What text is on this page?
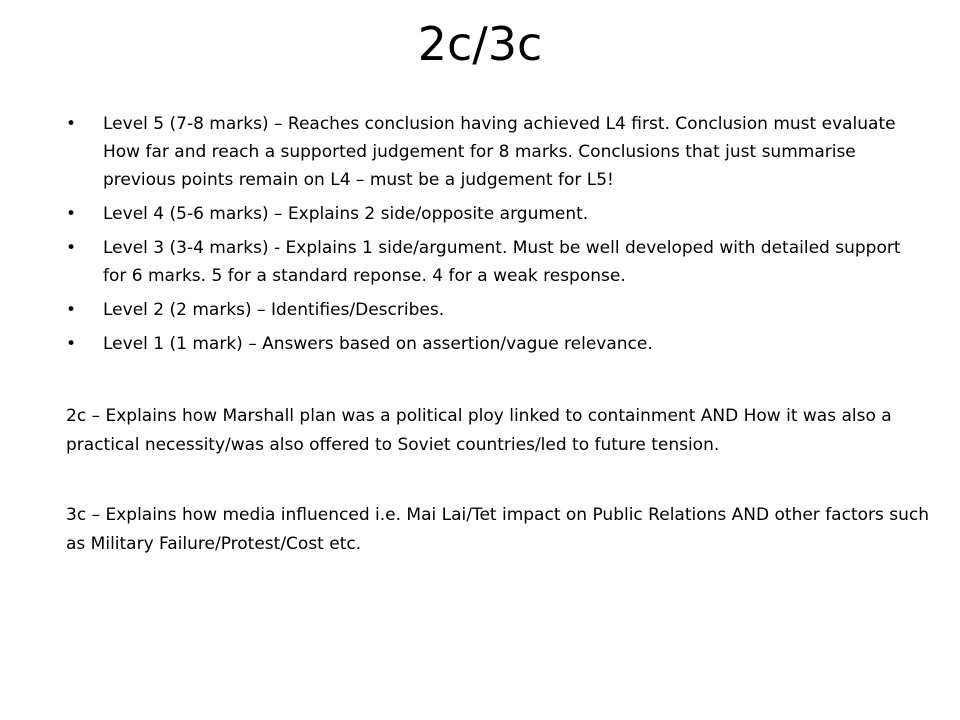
2c/3c
•	Level 5 (7-8 marks) – Reaches conclusion having achieved L4 first. Conclusion must evaluate How far and reach a supported judgement for 8 marks. Conclusions that just summarise previous points remain on L4 – must be a judgement for L5!
•	Level 4 (5-6 marks) – Explains 2 side/opposite argument.
•	Level 3 (3-4 marks) - Explains 1 side/argument. Must be well developed with detailed support for 6 marks. 5 for a standard reponse. 4 for a weak response.
•	Level 2 (2 marks) – Identifies/Describes.
•	Level 1 (1 mark) – Answers based on assertion/vague relevance.

2c – Explains how Marshall plan was a political ploy linked to containment AND How it was also a practical necessity/was also offered to Soviet countries/led to future tension.

3c – Explains how media influenced i.e. Mai Lai/Tet impact on Public Relations AND other factors such as Military Failure/Protest/Cost etc.
